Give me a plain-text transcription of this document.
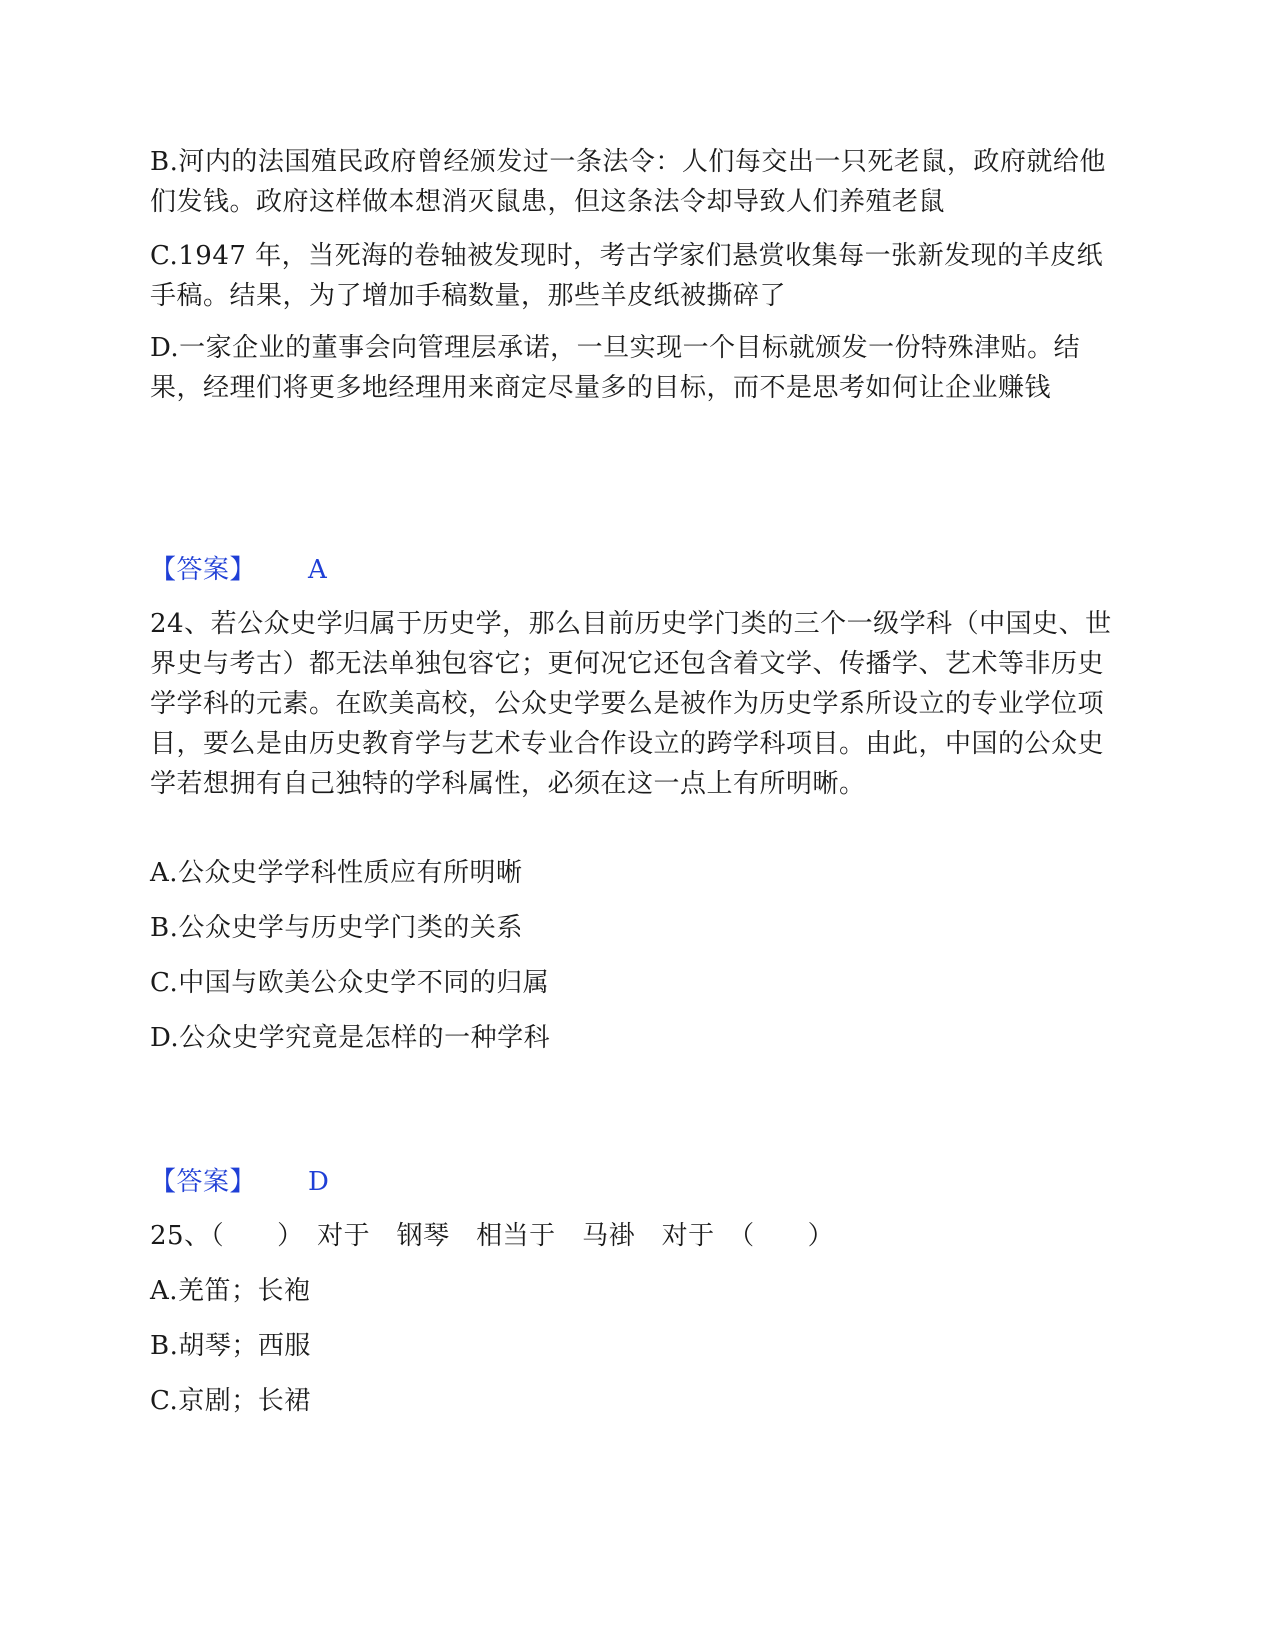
B.河内的法国殖民政府曾经颁发过一条法令：人们每交出一只死老鼠，政府就给他们发钱。政府这样做本想消灭鼠患，但这条法令却导致人们养殖老鼠

C.1947 年，当死海的卷轴被发现时，考古学家们悬赏收集每一张新发现的羊皮纸手稿。结果，为了增加手稿数量，那些羊皮纸被撕碎了

D.一家企业的董事会向管理层承诺，一旦实现一个目标就颁发一份特殊津贴。结果，经理们将更多地经理用来商定尽量多的目标，而不是思考如何让企业赚钱

【答案】 A

24、若公众史学归属于历史学，那么目前历史学门类的三个一级学科（中国史、世界史与考古）都无法单独包容它；更何况它还包含着文学、传播学、艺术等非历史学学科的元素。在欧美高校，公众史学要么是被作为历史学系所设立的专业学位项目，要么是由历史教育学与艺术专业合作设立的跨学科项目。由此，中国的公众史学若想拥有自己独特的学科属性，必须在这一点上有所明晰。

A.公众史学学科性质应有所明晰

B.公众史学与历史学门类的关系

C.中国与欧美公众史学不同的归属

D.公众史学究竟是怎样的一种学科

【答案】 D

25、（　　）　对于　钢琴　相当于　马褂　对于　（　　）

A.羌笛；长袍

B.胡琴；西服

C.京剧；长裙
